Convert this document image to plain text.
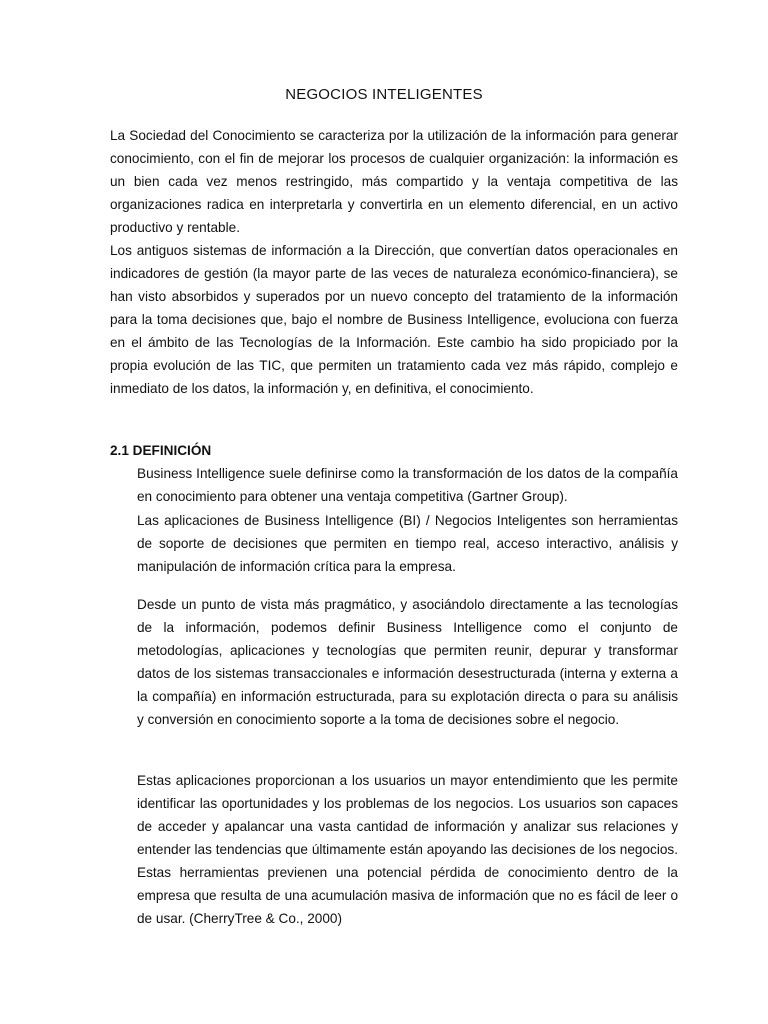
NEGOCIOS INTELIGENTES

La Sociedad del Conocimiento se caracteriza por la utilización de la información para generar conocimiento, con el fin de mejorar los procesos de cualquier organización: la información es un bien cada vez menos restringido, más compartido y la ventaja competitiva de las organizaciones radica en interpretarla y convertirla en un elemento diferencial, en un activo productivo y rentable.

Los antiguos sistemas de información a la Dirección, que convertían datos operacionales en indicadores de gestión (la mayor parte de las veces de naturaleza económico-financiera), se han visto absorbidos y superados por un nuevo concepto del tratamiento de la información para la toma decisiones que, bajo el nombre de Business Intelligence, evoluciona con fuerza en el ámbito de las Tecnologías de la Información. Este cambio ha sido propiciado por la propia evolución de las TIC, que permiten un tratamiento cada vez más rápido, complejo e inmediato de los datos, la información y, en definitiva, el conocimiento.

2.1 DEFINICIÓN

Business Intelligence suele definirse como la transformación de los datos de la compañía en conocimiento para obtener una ventaja competitiva (Gartner Group).

Las aplicaciones de Business Intelligence (BI) / Negocios Inteligentes son herramientas de soporte de decisiones que permiten en tiempo real, acceso interactivo, análisis y manipulación de información crítica para la empresa.

Desde un punto de vista más pragmático, y asociándolo directamente a las tecnologías de la información, podemos definir Business Intelligence como el conjunto de metodologías, aplicaciones y tecnologías que permiten reunir, depurar y transformar datos de los sistemas transaccionales e información desestructurada (interna y externa a la compañía) en información estructurada, para su explotación directa o para su análisis y conversión en conocimiento soporte a la toma de decisiones sobre el negocio.

Estas aplicaciones proporcionan a los usuarios un mayor entendimiento que les permite identificar las oportunidades y los problemas de los negocios. Los usuarios son capaces de acceder y apalancar una vasta cantidad de información y analizar sus relaciones y entender las tendencias que últimamente están apoyando las decisiones de los negocios. Estas herramientas previenen una potencial pérdida de conocimiento dentro de la empresa que resulta de una acumulación masiva de información que no es fácil de leer o de usar. (CherryTree & Co., 2000)
